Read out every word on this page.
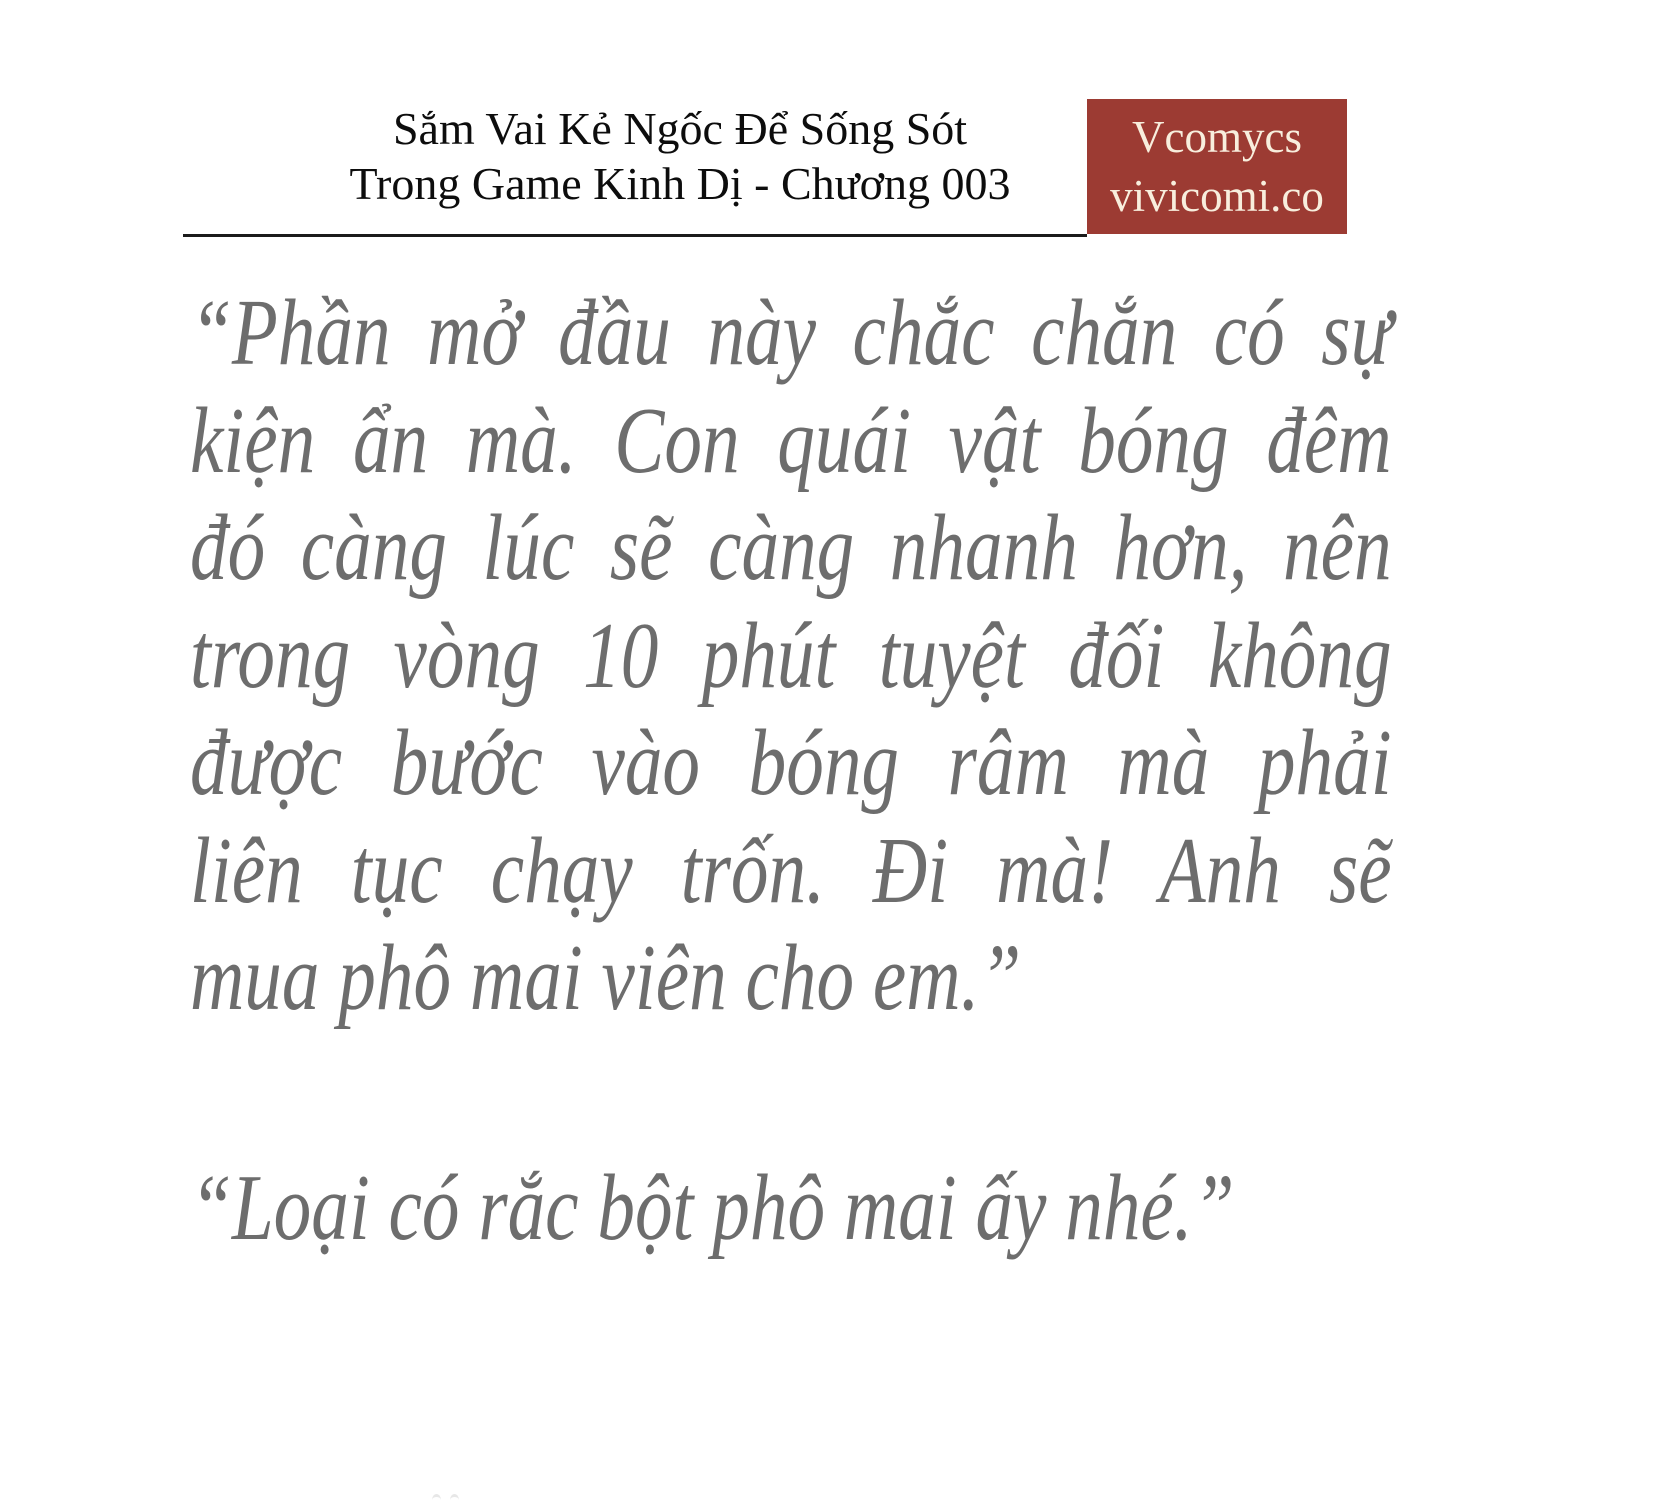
Sắm Vai Kẻ Ngốc Để Sống Sót
Trong Game Kinh Dị - Chương 003
Vcomycs
vivicomi.co
“Phần mở đầu này chắc chắn có sự
kiện ẩn mà. Con quái vật bóng đêm
đó càng lúc sẽ càng nhanh hơn, nên
trong vòng 10 phút tuyệt đối không
được bước vào bóng râm mà phải
liên tục chạy trốn. Đi mà! Anh sẽ
mua phô mai viên cho em.”
“Loại có rắc bột phô mai ấy nhé.”
